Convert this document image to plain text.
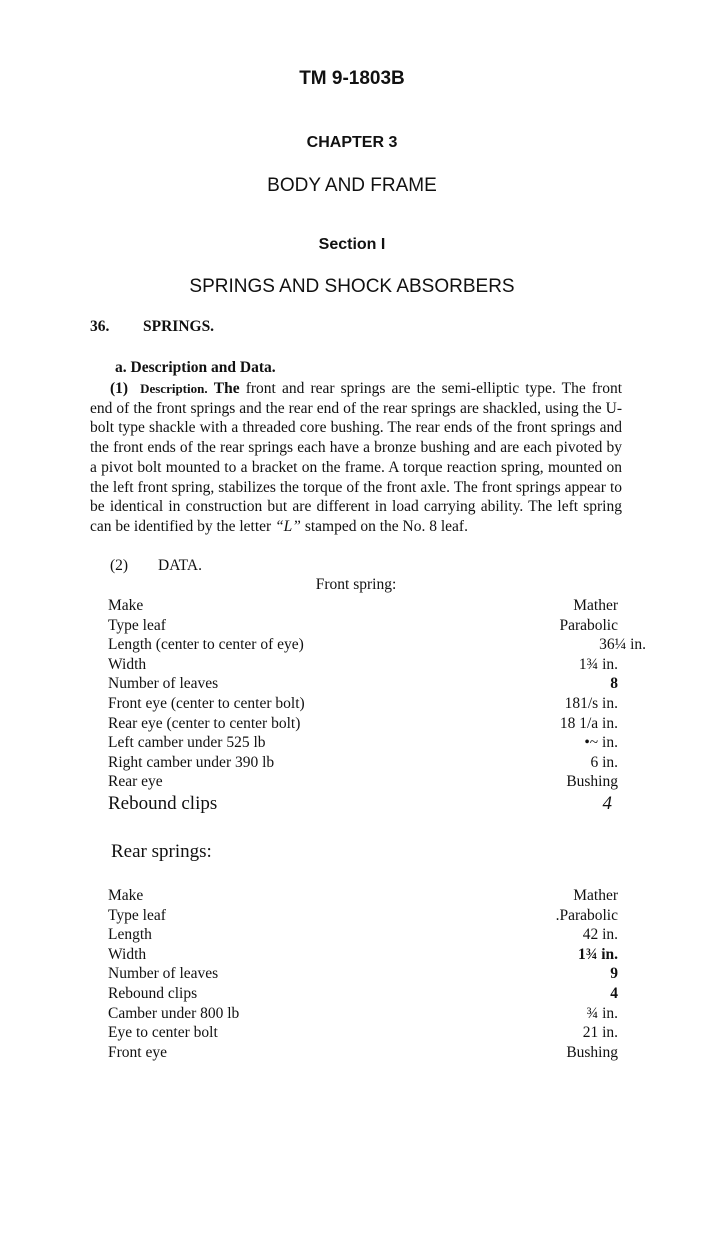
TM 9-1803B
CHAPTER 3
BODY AND FRAME
Section I
SPRINGS AND SHOCK ABSORBERS
36. SPRINGS.
a. Description and Data.
(1) Description. The front and rear springs are the semi-elliptic type. The front end of the front springs and the rear end of the rear springs are shackled, using the U-bolt type shackle with a threaded core bushing. The rear ends of the front springs and the front ends of the rear springs each have a bronze bushing and are each pivoted by a pivot bolt mounted to a bracket on the frame. A torque reaction spring, mounted on the left front spring, stabilizes the torque of the front axle. The front springs appear to be identical in construction but are different in load carrying ability. The left spring can be identified by the letter “L” stamped on the No. 8 leaf.
(2) DATA.
Front spring:
Make	Mather
Type leaf	Parabolic
Length (center to center of eye)	36¼ in.
Width	1¾ in.
Number of leaves	8
Front eye (center to center bolt)	181/s in.
Rear eye (center to center bolt)	18 1/a in.
Left camber under 525 lb	•~ in.
Right camber under 390 lb	6 in.
Rear eye	Bushing
Rebound clips	4
Rear springs:
Make	Mather
Type leaf	.Parabolic
Length	42 in.
Width	1¾ in.
Number of leaves	9
Rebound clips	4
Camber under 800 lb	¾ in.
Eye to center bolt	21 in.
Front eye	Bushing
